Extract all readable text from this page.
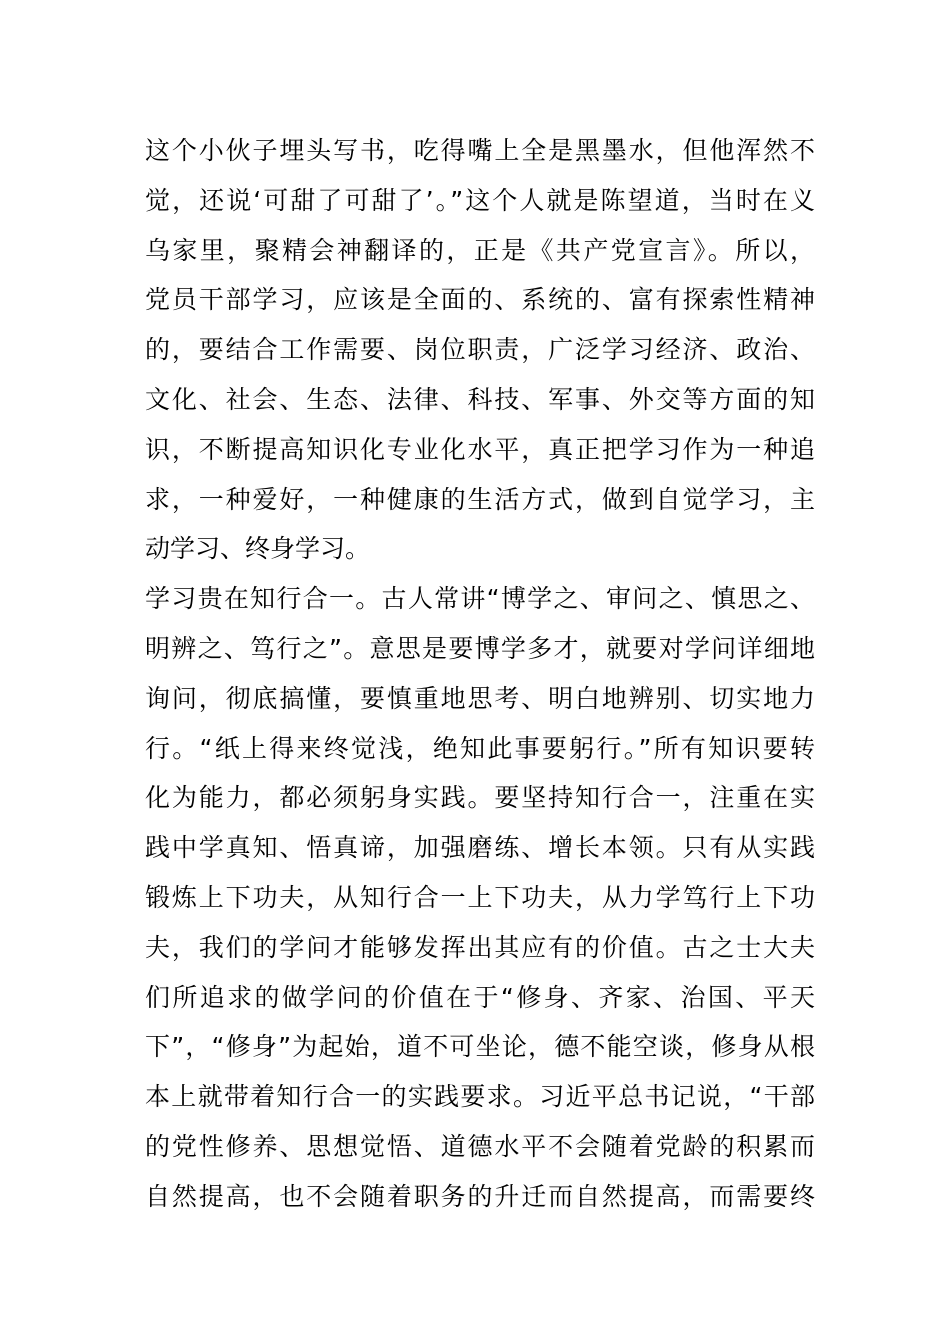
这个小伙子埋头写书，吃得嘴上全是黑墨水，但他浑然不
觉，还说‘可甜了可甜了’。”这个人就是陈望道，当时在义
乌家里，聚精会神翻译的，正是《共产党宣言》。所以，
党员干部学习，应该是全面的、系统的、富有探索性精神
的，要结合工作需要、岗位职责，广泛学习经济、政治、
文化、社会、生态、法律、科技、军事、外交等方面的知
识，不断提高知识化专业化水平，真正把学习作为一种追
求，一种爱好，一种健康的生活方式，做到自觉学习，主
动学习、终身学习。
学习贵在知行合一。古人常讲“博学之、审问之、慎思之、
明辨之、笃行之”。意思是要博学多才，就要对学问详细地
询问，彻底搞懂，要慎重地思考、明白地辨别、切实地力
行。“纸上得来终觉浅，绝知此事要躬行。”所有知识要转
化为能力，都必须躬身实践。要坚持知行合一，注重在实
践中学真知、悟真谛，加强磨练、增长本领。只有从实践
锻炼上下功夫，从知行合一上下功夫，从力学笃行上下功
夫，我们的学问才能够发挥出其应有的价值。古之士大夫
们所追求的做学问的价值在于“修身、齐家、治国、平天
下”，“修身”为起始，道不可坐论，德不能空谈，修身从根
本上就带着知行合一的实践要求。习近平总书记说，“干部
的党性修养、思想觉悟、道德水平不会随着党龄的积累而
自然提高，也不会随着职务的升迁而自然提高，而需要终
